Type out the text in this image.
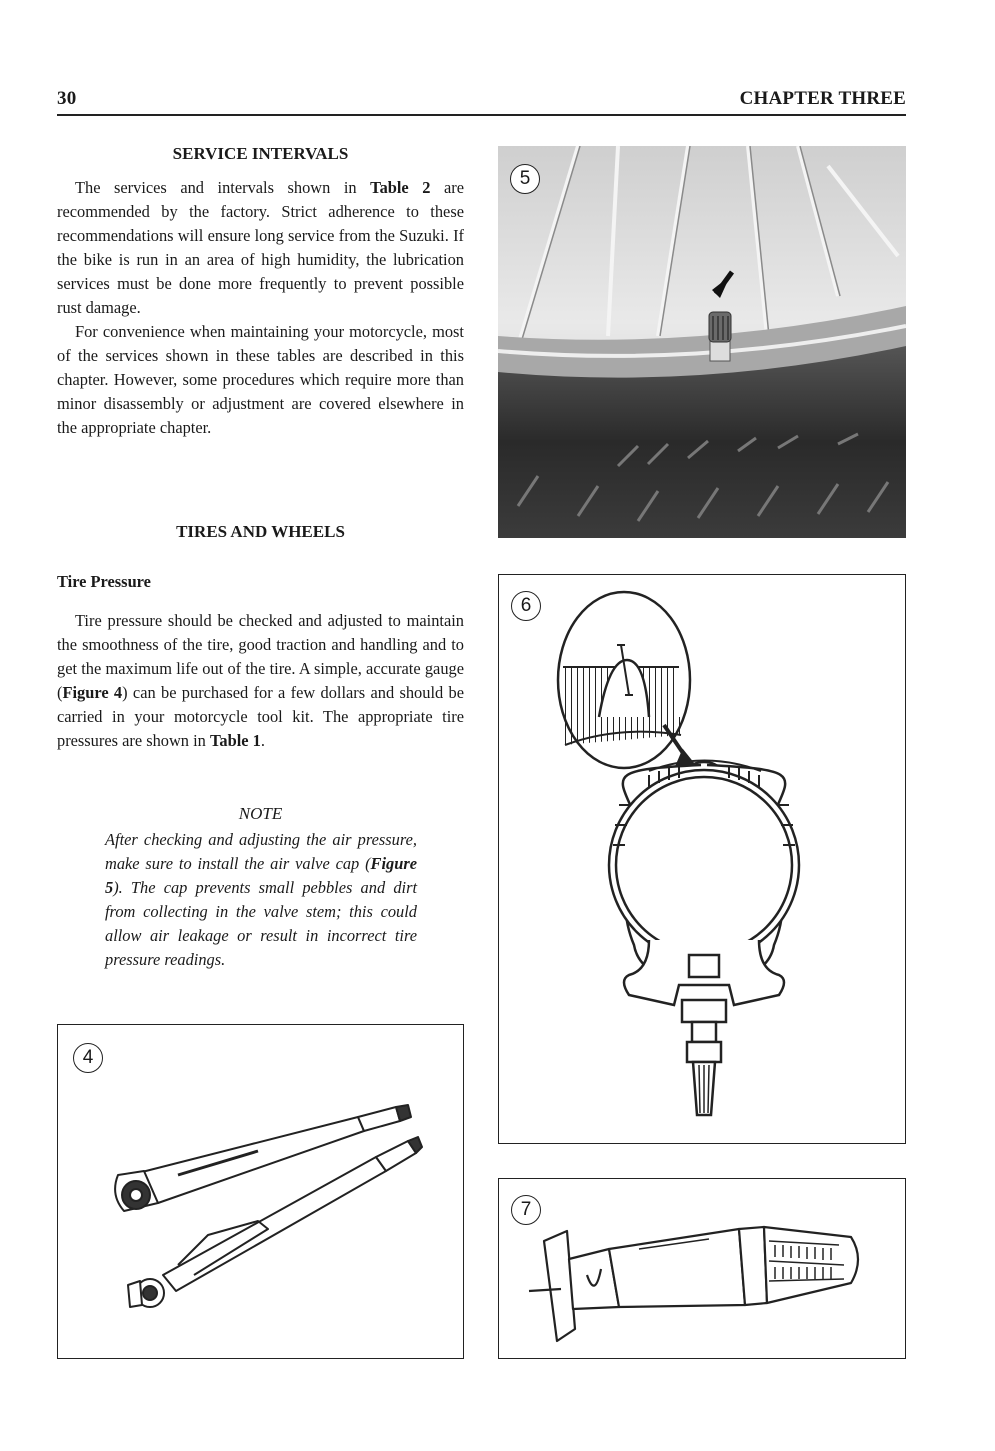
30	CHAPTER THREE
SERVICE INTERVALS

The services and intervals shown in Table 2 are recommended by the factory. Strict adherence to these recommendations will ensure long service from the Suzuki. If the bike is run in an area of high humidity, the lubrication services must be done more frequently to prevent possible rust damage.

For convenience when maintaining your motorcycle, most of the services shown in these tables are described in this chapter. However, some procedures which require more than minor disassembly or adjustment are covered elsewhere in the appropriate chapter.

TIRES AND WHEELS
Tire Pressure

Tire pressure should be checked and adjusted to maintain the smoothness of the tire, good traction and handling and to get the maximum life out of the tire. A simple, accurate gauge (Figure 4) can be purchased for a few dollars and should be carried in your motorcycle tool kit. The appropriate tire pressures are shown in Table 1.

NOTE
After checking and adjusting the air pressure, make sure to install the air valve cap (Figure 5). The cap prevents small pebbles and dirt from collecting in the valve stem; this could allow air leakage or result in incorrect tire pressure readings.
4
5
6
7
